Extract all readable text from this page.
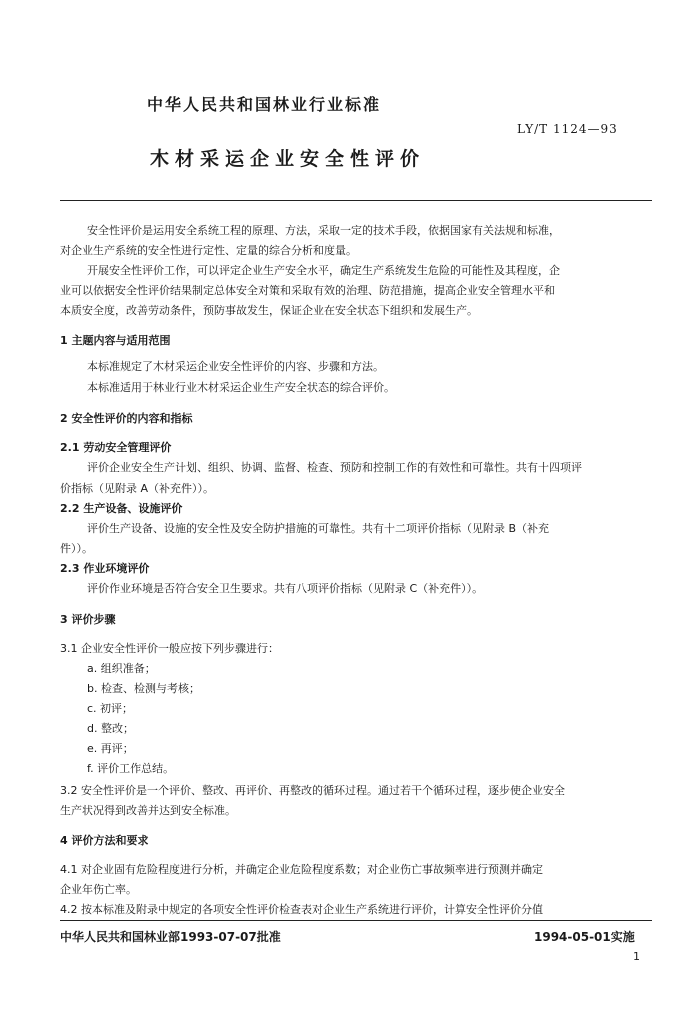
中华人民共和国林业行业标准
LY/T 1124—93
木材采运企业安全性评价
安全性评价是运用安全系统工程的原理、方法，采取一定的技术手段，依据国家有关法规和标准，
对企业生产系统的安全性进行定性、定量的综合分析和度量。
开展安全性评价工作，可以评定企业生产安全水平，确定生产系统发生危险的可能性及其程度，企
业可以依据安全性评价结果制定总体安全对策和采取有效的治理、防范措施，提高企业安全管理水平和
本质安全度，改善劳动条件，预防事故发生，保证企业在安全状态下组织和发展生产。
1 主题内容与适用范围
本标准规定了木材采运企业安全性评价的内容、步骤和方法。
本标准适用于林业行业木材采运企业生产安全状态的综合评价。
2 安全性评价的内容和指标
2.1 劳动安全管理评价
评价企业安全生产计划、组织、协调、监督、检查、预防和控制工作的有效性和可靠性。共有十四项评
价指标（见附录 A（补充件））。
2.2 生产设备、设施评价
评价生产设备、设施的安全性及安全防护措施的可靠性。共有十二项评价指标（见附录 B（补充
件））。
2.3 作业环境评价
评价作业环境是否符合安全卫生要求。共有八项评价指标（见附录 C（补充件））。
3 评价步骤
3.1 企业安全性评价一般应按下列步骤进行：
a. 组织准备；
b. 检查、检测与考核；
c. 初评；
d. 整改；
e. 再评；
f. 评价工作总结。
3.2 安全性评价是一个评价、整改、再评价、再整改的循环过程。通过若干个循环过程，逐步使企业安全
生产状况得到改善并达到安全标准。
4 评价方法和要求
4.1 对企业固有危险程度进行分析，并确定企业危险程度系数；对企业伤亡事故频率进行预测并确定
企业年伤亡率。
4.2 按本标准及附录中规定的各项安全性评价检查表对企业生产系统进行评价，计算安全性评价分值
中华人民共和国林业部1993-07-07批准	1994-05-01实施
1
